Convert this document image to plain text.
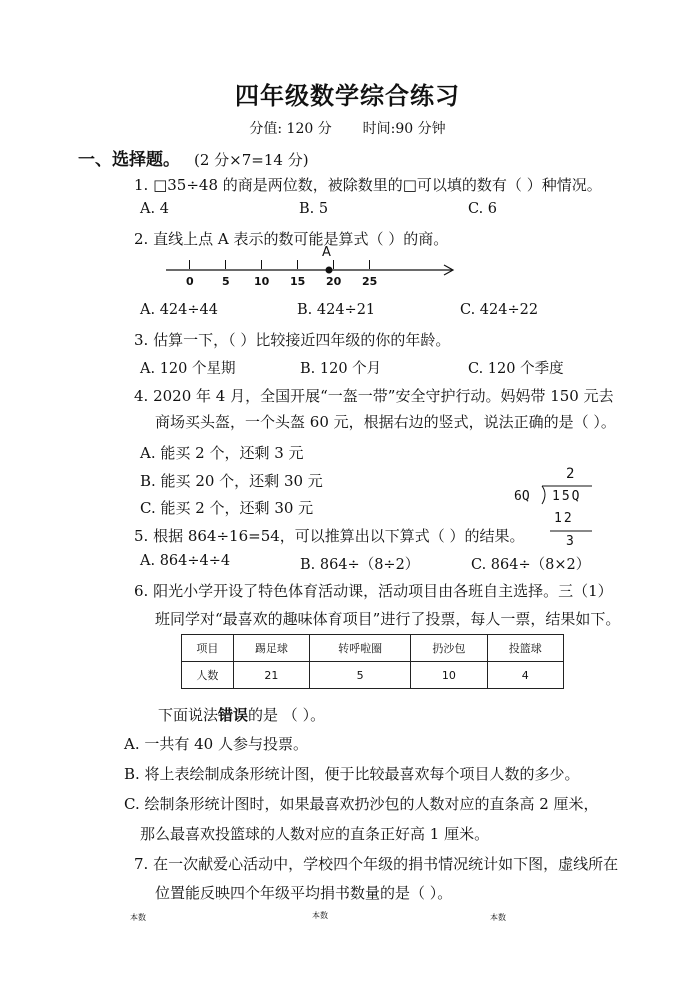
四年级数学综合练习
分值: 120 分 时间:90 分钟
一、选择题。 (2 分×7=14 分)
1. □35÷48 的商是两位数，被除数里的□可以填的数有（ ）种情况。
A. 4	B. 5	C. 6
2. 直线上点 A 表示的数可能是算式（ ）的商。
A
0	5 10 15 20 25
A. 424÷44	B. 424÷21	C. 424÷22
3. 估算一下，（ ）比较接近四年级的你的年龄。
A. 120 个星期	B. 120 个月	C. 120 个季度
4. 2020 年 4 月，全国开展“一盔一带”安全守护行动。妈妈带 150 元去
商场买头盔，一个头盔 60 元，根据右边的竖式，说法正确的是（ ）。
A. 能买 2 个，还剩 3 元
B. 能买 20 个，还剩 30 元
C. 能买 2 个，还剩 30 元
2
6Q 15Q
12
3
5. 根据 864÷16=54，可以推算出以下算式（ ）的结果。
A. 864÷4÷4	B. 864÷（8÷2）	C. 864÷（8×2）
6. 阳光小学开设了特色体育活动课，活动项目由各班自主选择。三（1）
班同学对“最喜欢的趣味体育项目”进行了投票，每人一票，结果如下。
项目	踢足球	转呼啦圈	扔沙包	投篮球
人数	21	5	10	4
下面说法错误的是 （ ）。
A. 一共有 40 人参与投票。
B. 将上表绘制成条形统计图，便于比较最喜欢每个项目人数的多少。
C. 绘制条形统计图时，如果最喜欢扔沙包的人数对应的直条高 2 厘米，
那么最喜欢投篮球的人数对应的直条正好高 1 厘米。
7. 在一次献爱心活动中，学校四个年级的捐书情况统计如下图，虚线所在
位置能反映四个年级平均捐书数量的是（ ）。
本数	本数	本数
